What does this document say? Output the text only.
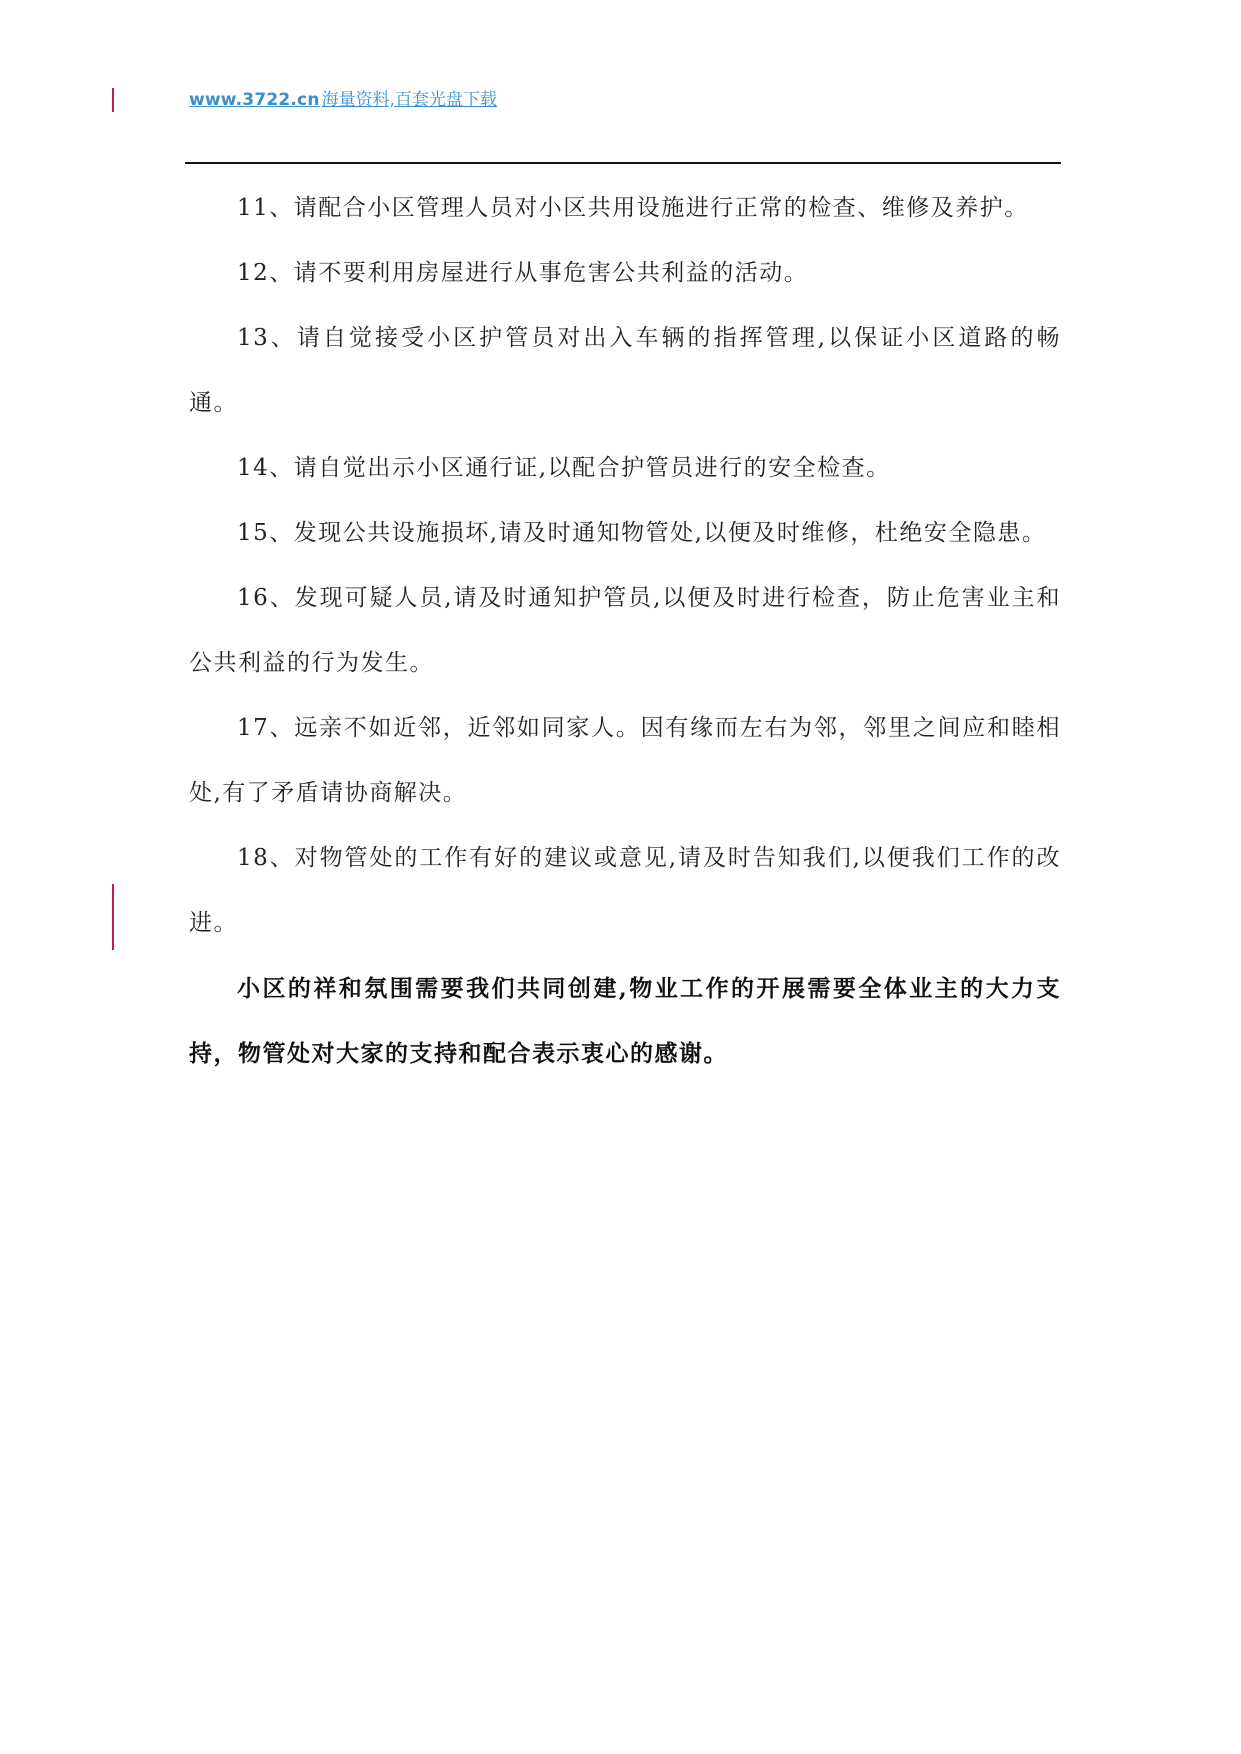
www.3722.cn 海量资料,百套光盘下载

11、请配合小区管理人员对小区共用设施进行正常的检查、维修及养护。

12、请不要利用房屋进行从事危害公共利益的活动。

13、请自觉接受小区护管员对出入车辆的指挥管理,以保证小区道路的畅通。

14、请自觉出示小区通行证,以配合护管员进行的安全检查。

15、发现公共设施损坏,请及时通知物管处,以便及时维修，杜绝安全隐患。

16、发现可疑人员,请及时通知护管员,以便及时进行检查，防止危害业主和公共利益的行为发生。

17、远亲不如近邻，近邻如同家人。因有缘而左右为邻，邻里之间应和睦相处,有了矛盾请协商解决。

18、对物管处的工作有好的建议或意见,请及时告知我们,以便我们工作的改进。

小区的祥和氛围需要我们共同创建,物业工作的开展需要全体业主的大力支持，物管处对大家的支持和配合表示衷心的感谢。
